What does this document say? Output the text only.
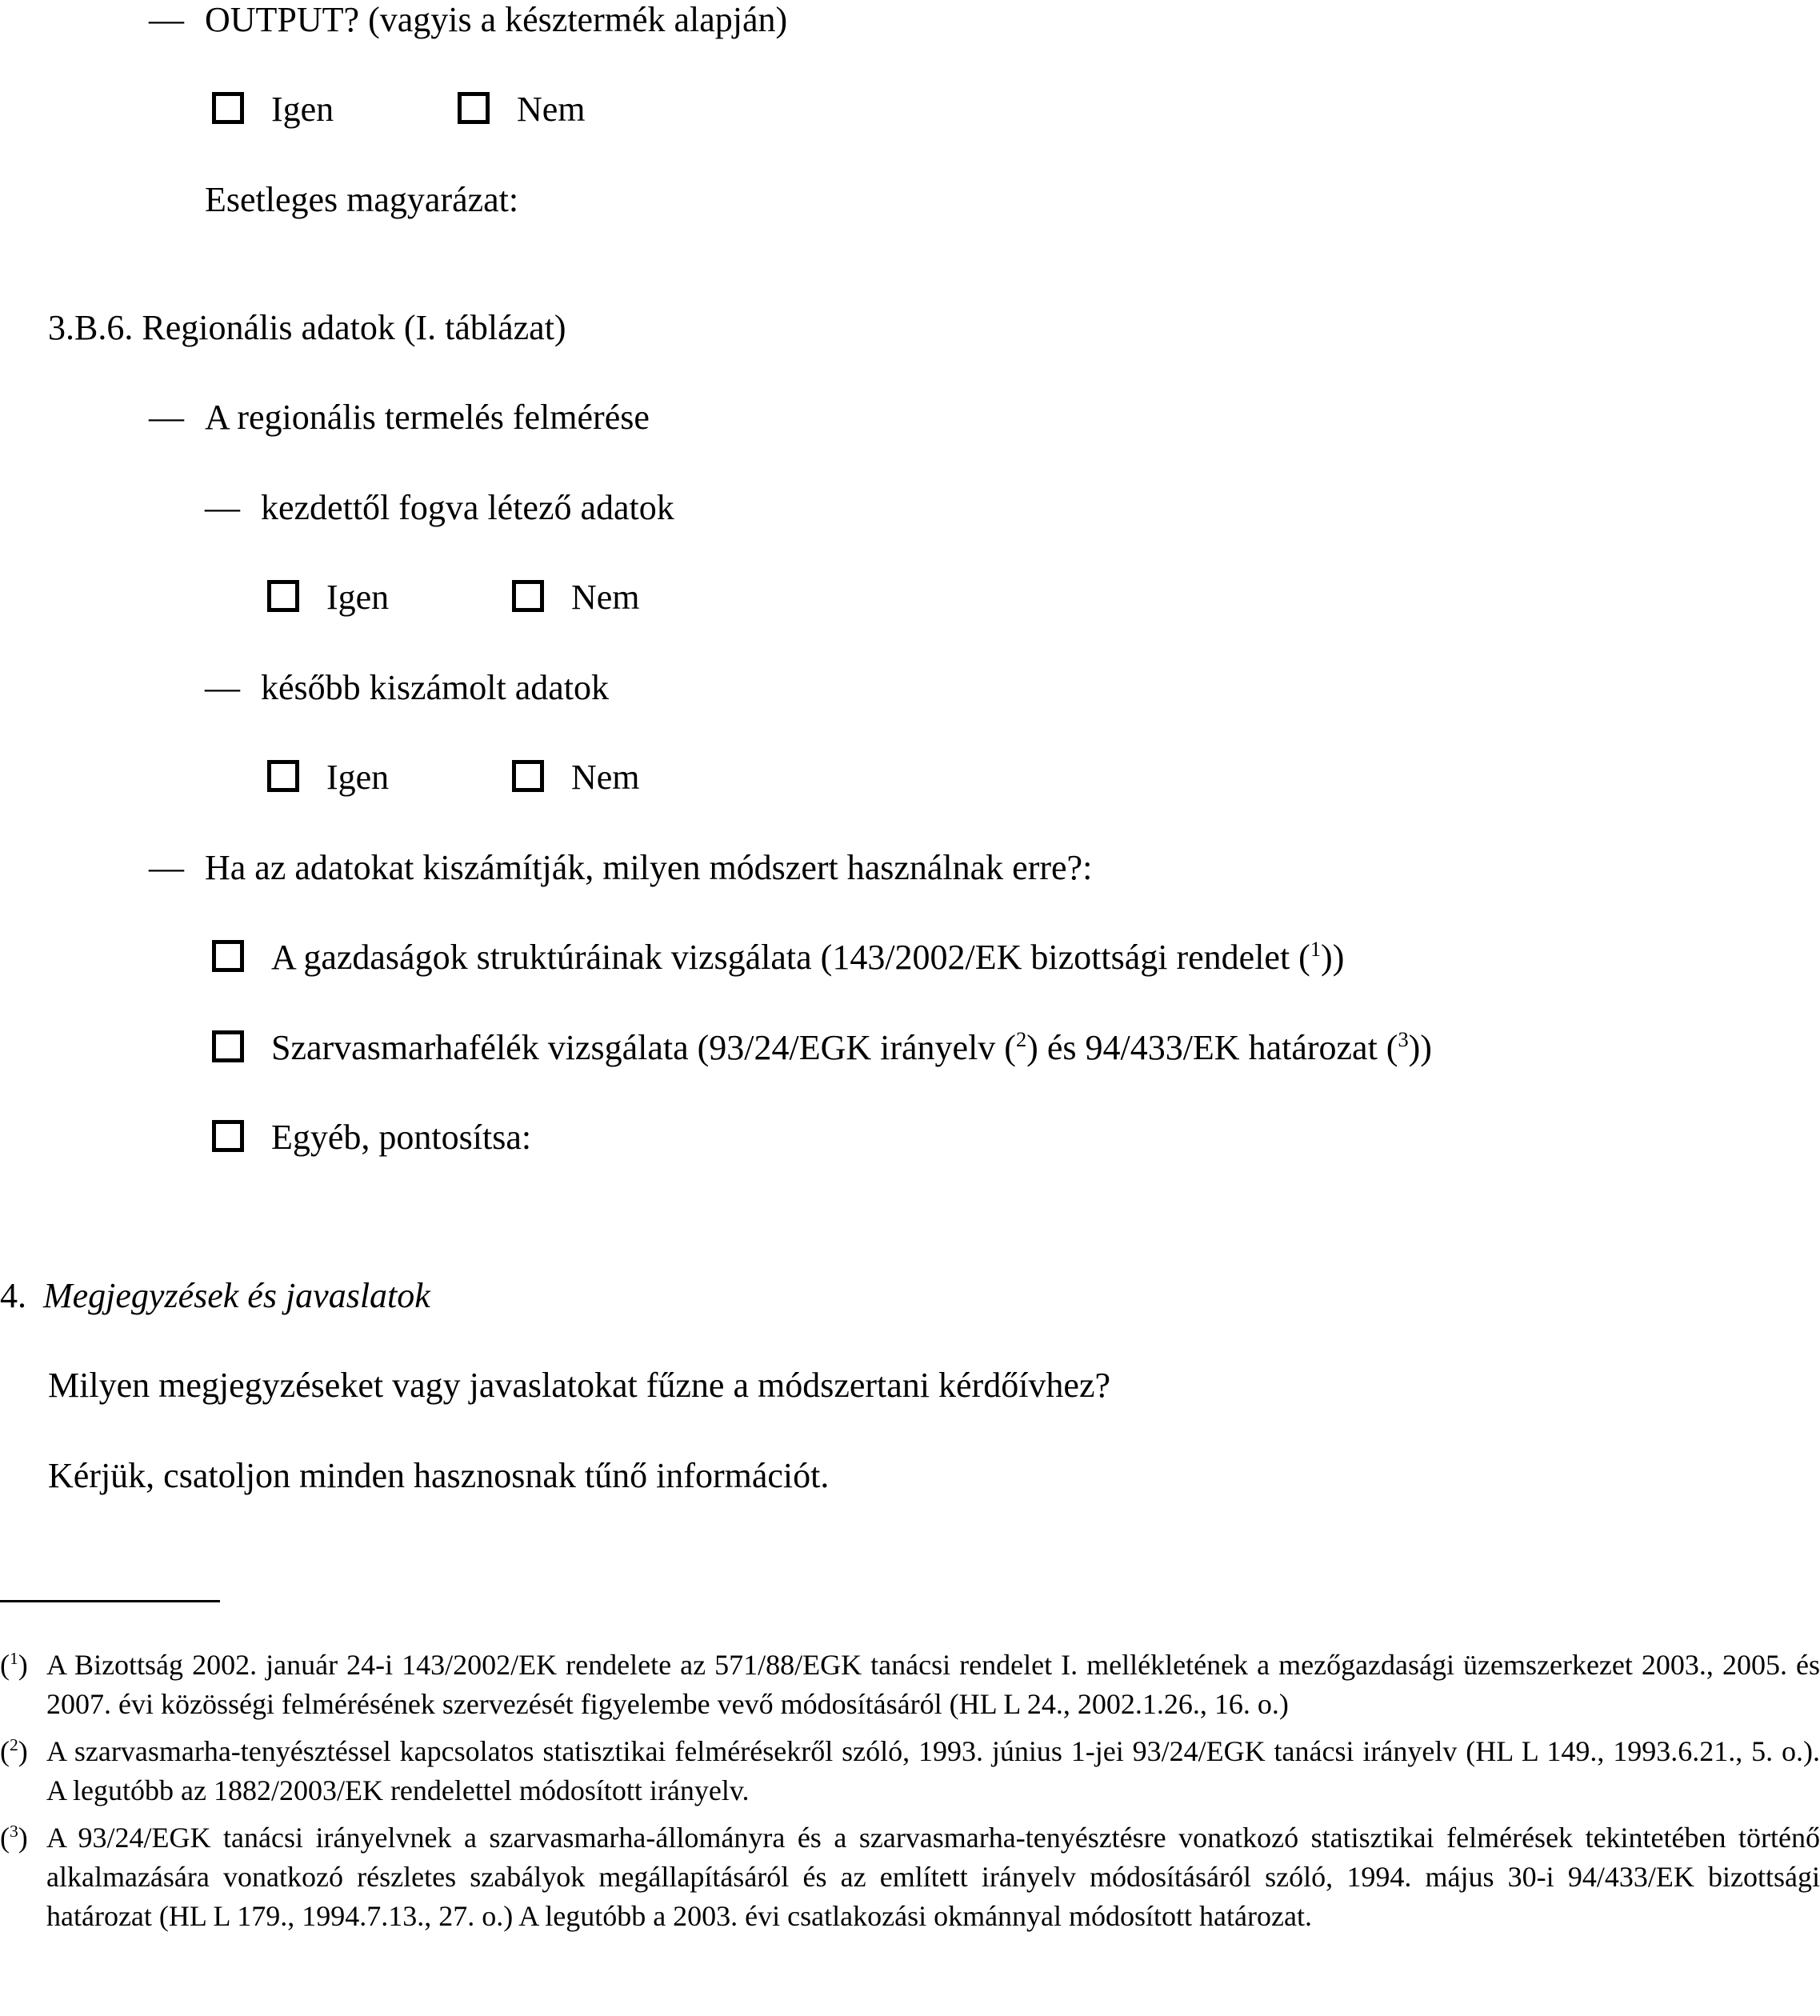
— OUTPUT? (vagyis a késztermék alapján)
Igen	Nem
Esetleges magyarázat:
3.B.6. Regionális adatok (I. táblázat)
— A regionális termelés felmérése
— kezdettől fogva létező adatok
Igen	Nem
— később kiszámolt adatok
Igen	Nem
— Ha az adatokat kiszámítják, milyen módszert használnak erre?:
A gazdaságok struktúráinak vizsgálata (143/2002/EK bizottsági rendelet ($^1$))
Szarvasmarhafélék vizsgálata (93/24/EGK irányelv ($^2$) és 94/433/EK határozat ($^3$))
Egyéb, pontosítsa:
4. Megjegyzések és javaslatok
Milyen megjegyzéseket vagy javaslatokat fűzne a módszertani kérdőívhez?
Kérjük, csatoljon minden hasznosnak tűnő információt.
($^1$) A Bizottság 2002. január 24-i 143/2002/EK rendelete az 571/88/EGK tanácsi rendelet I. mellékletének a mezőgazdasági üzemszerkezet 2003., 2005. és 2007. évi közösségi felmérésének szervezését figyelembe vevő módosításáról (HL L 24., 2002.1.26., 16. o.)
($^2$) A szarvasmarha-tenyésztéssel kapcsolatos statisztikai felmérésekről szóló, 1993. június 1-jei 93/24/EGK tanácsi irányelv (HL L 149., 1993.6.21., 5. o.). A legutóbb az 1882/2003/EK rendelettel módosított irányelv.
($^3$) A 93/24/EGK tanácsi irányelvnek a szarvasmarha-állományra és a szarvasmarha-tenyésztésre vonatkozó statisztikai felmérések tekintetében történő alkalmazására vonatkozó részletes szabályok megállapításáról és az említett irányelv módosításáról szóló, 1994. május 30-i 94/433/EK bizottsági határozat (HL L 179., 1994.7.13., 27. o.) A legutóbb a 2003. évi csatlakozási okmánnyal módosított határozat.
